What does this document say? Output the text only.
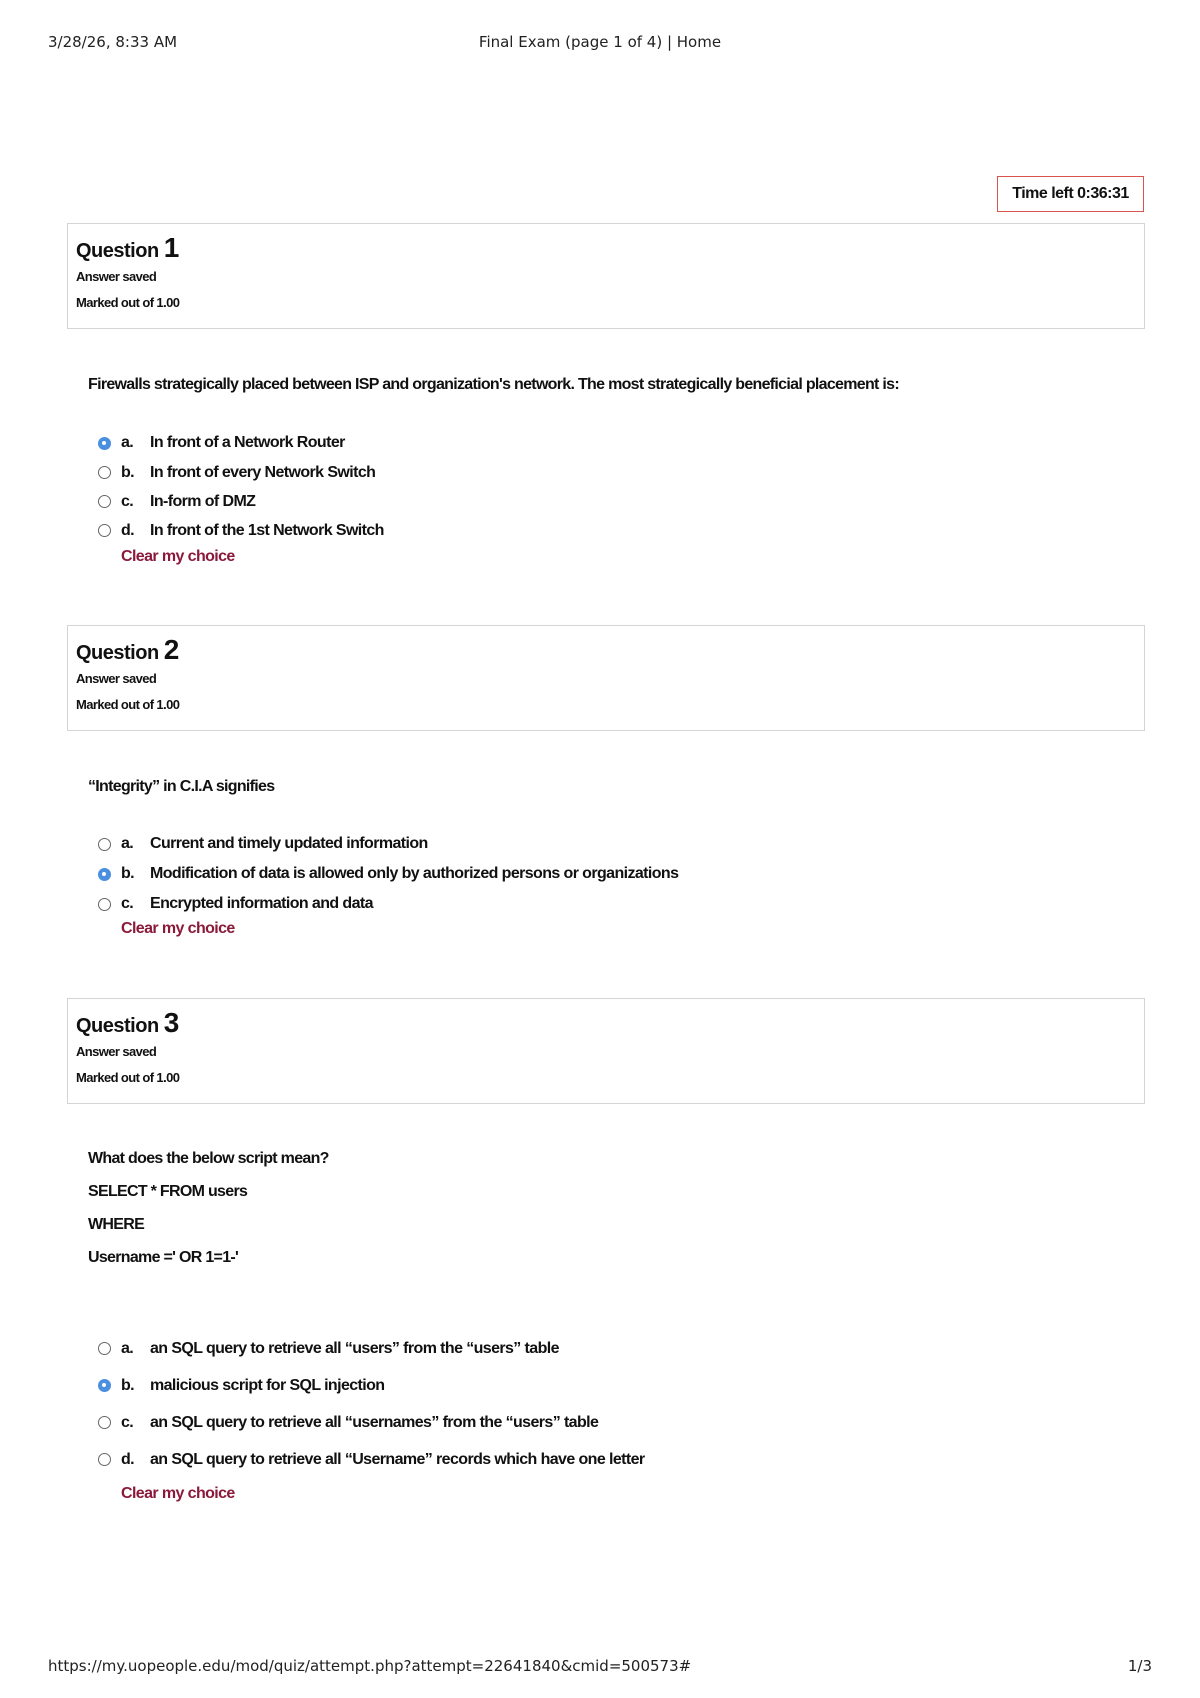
3/28/26, 8:33 AM	Final Exam (page 1 of 4) | Home
Time left 0:36:31
Question 1
Answer saved
Marked out of 1.00
Firewalls strategically placed between ISP and organization's network. The most strategically beneficial placement is:
a.	In front of a Network Router
b. In front of every Network Switch
c.	In-form of DMZ
d. In front of the 1st Network Switch
Clear my choice
Question 2
Answer saved
Marked out of 1.00
“Integrity” in C.I.A signifies
a.	Current and timely updated information
b. Modification of data is allowed only by authorized persons or organizations
c.	Encrypted information and data
Clear my choice
Question 3
Answer saved
Marked out of 1.00
What does the below script mean?
SELECT * FROM users
WHERE
Username =' OR 1=1-'
a.	an SQL query to retrieve all “users” from the “users” table
b. malicious script for SQL injection
c.	an SQL query to retrieve all “usernames” from the “users” table
d. an SQL query to retrieve all “Username” records which have one letter
Clear my choice
https://my.uopeople.edu/mod/quiz/attempt.php?attempt=22641840&cmid=500573#	1/3
